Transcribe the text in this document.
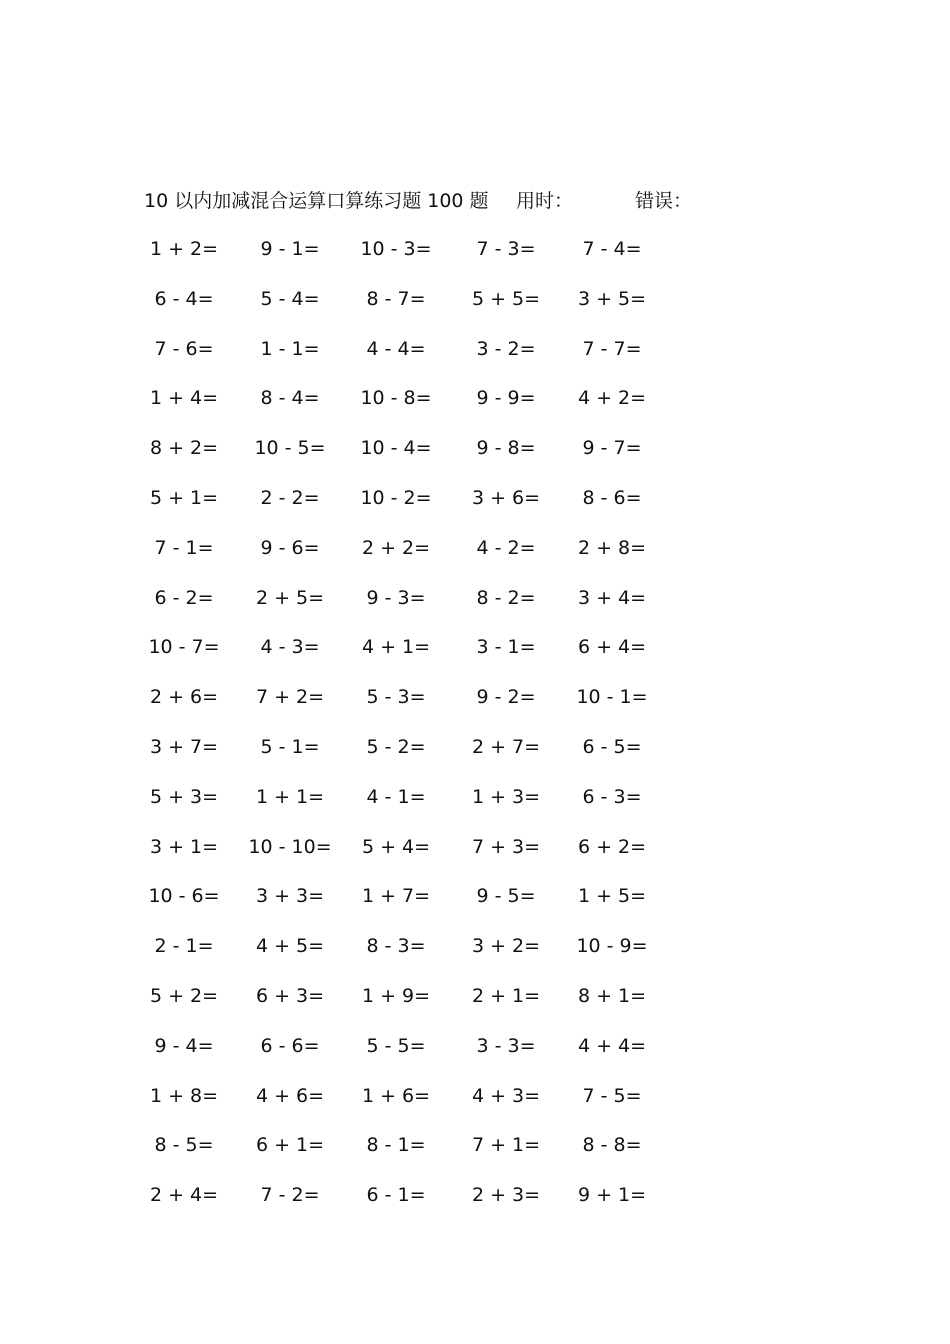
10 以内加减混合运算口算练习题 100 题 用时：	错误：
1 + 2= 9 - 1= 10 - 3= 7 - 3= 7 - 4=
6 - 4= 5 - 4= 8 - 7= 5 + 5= 3 + 5=
7 - 6= 1 - 1= 4 - 4=	3 - 2= 7 - 7=
1 + 4= 8 - 4= 10 - 8= 9 - 9= 4 + 2=
8 + 2= 10 - 5= 10 - 4= 9 - 8= 9 - 7=
5 + 1= 2 - 2= 10 - 2= 3 + 6= 8 - 6=
7 - 1= 9 - 6= 2 + 2= 4 - 2= 2 + 8=
6 - 2= 2 + 5= 9 - 3=	8 - 2= 3 + 4=
10 - 7= 4 - 3= 4 + 1= 3 - 1= 6 + 4=
2 + 6= 7 + 2= 5 - 3=	9 - 2= 10 - 1=
3 + 7= 5 - 1= 5 - 2= 2 + 7= 6 - 5=
5 + 3= 1 + 1= 4 - 1= 1 + 3= 6 - 3=
3 + 1= 10 - 10= 5 + 4= 7 + 3= 6 + 2=
10 - 6= 3 + 3= 1 + 7= 9 - 5= 1 + 5=
2 - 1= 4 + 5= 8 - 3= 3 + 2= 10 - 9=
5 + 2= 6 + 3= 1 + 9= 2 + 1= 8 + 1=
9 - 4= 6 - 6= 5 - 5=	3 - 3= 4 + 4=
1 + 8= 4 + 6= 1 + 6= 4 + 3= 7 - 5=
8 - 5= 6 + 1= 8 - 1= 7 + 1= 8 - 8=
2 + 4= 7 - 2= 6 - 1= 2 + 3= 9 + 1=
